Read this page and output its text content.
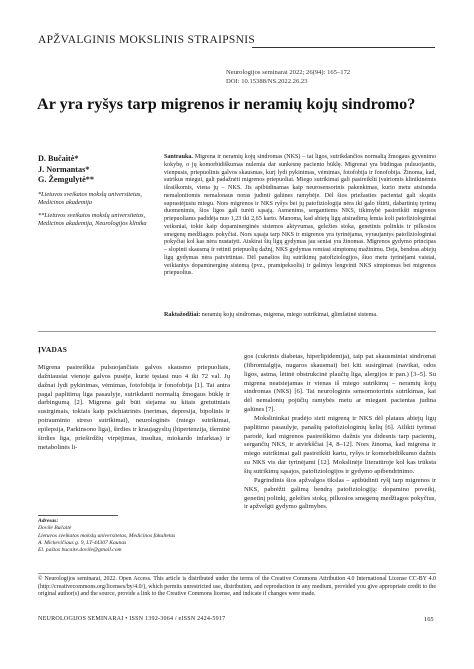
APŽVALGINIS MOKSLINIS STRAIPSNIS
Neurologijos seminarai 2022; 26(94): 165–172
DOI: 10.15388/NS.2022.26.23
Ar yra ryšys tarp migrenos ir neramių kojų sindromo?
D. Bučaitė*
J. Normantas*
G. Žemgulytė**
*Lietuvos sveikatos mokslų universitetas, Medicinos akademija
**Lietuvos sveikatos mokslų universitetas, Medicinos akademija, Neurologijos klinika
Santrauka. Migrena ir neramių kojų sindromas (NKS) – tai ligos, sutrikdančios normalią žmogaus gyvenimo kokybę, o jų komorbidiškumas nulemia dar sunkesnę paciento būklę. Migrenai yra būdingas pulsuojantis, vienpusis, priepuolinis galvos skausmas, kurį lydi pykinimas, vėmimas, fotofobija ir fonofobija. Žinoma, kad, sutrikus miegui, gali padažnėti migrenos priepuoliai. Miego sutrikimai gali pasireikšti įvairiomis klinikinėmis išraiškomis, viena jų – NKS. Jis apibūdinamas kaip neurosensorinis pakenkimas, kurio metu atsiranda nemaloniiomis nemalonaus noras judinti galūnes ramybėje. Dėl šios priežasties pacientai gali skųstis suprastėjusiu miegu. Nors migrenos ir NKS ryšys bei jų patofiziologija nėra iki galo ištirti, dabartinių tyrimų duomenimis, šios ligos gali turėti sąsają. Asmenims, sergantiems NKS, tikimybė pasireikšti migrenos priepuoliams padidėja nuo 1,23 iki 2,65 karto. Manoma, kad abiejų ligų atsiradimą lemia koli patofiziologiniai veiksniai, tokie kaip dopaminerginės sistemos aktyvumas, geležies stoka, genetinis polinkis ir pilkosios smegenų medžiagos pokyčiai. Nors sąsaja tarp NKS ir migrenos yra tyrinėjama, vyraujantys patofiziologiniai pokyčiai kol kas nėra nustatyti. Atskirai šių ligų gydymas jau seniai yra žinomas. Migrenos gydymo principas – slopinti skausmą ir retinti priepuolių dažnį, NKS gydymas remiasi simptomų mažinimu. Deja, bendras abiejų ligų gydymas nėra patvirtintas. Dėl panašios šių sutrikimų patofiziologijos, šiuo metu tyrinėjami vaistai, veikiantys dopaminerginę sistemą (pvz., pramipeksolis) ir galintys lengvinti NKS simptomus bei migrenos priepuolius.
Raktažodžiai: neramių kojų sindromas, migrena, miego sutrikimai, glimfatinė sistema.
ĮVADAS

Migrena pasireiškia pulsuojančiais galvos skausmo priepuoliais, dažniausiai vienoje galvos pusėje, kurie tęsiasi nuo 4 iki 72 val. Jų dažnai lydi pykinimas, vėmimas, fotofobija ir fonofobija [1]. Tai antra pagal paplitimą liga pasaulyje, sutrikdanti normalią žmogaus būklę ir darbingumą [2]. Migrena gali būti siejama su kitais gretutiniais susirgimais, tokiais kaip psichiatrinės (nerimas, depresija, bipolinis ir potrauminio streso sutrikimai), neurologinės (miego sutrikimai, epilepsija, Parkinsono liga), širdies ir kraujagyslių (hipertenzija, išeminė širdies liga, prieširdžių virpėjimas, insultas, miokardo infarktas) ir metabolinės li-

gos (cukrinis diabetas, hiperlipidemija), taip pat skausminiai sindromai (fibromialgija, nugaros skausmai) bei kiti susirgimai (navikai, odos ligos, astma, lėtinė obstrukcinė plaučių liga, alergijos ir pan.) [3–5]. Su migrena neatsiejamas ir vienas iš miego sutrikimų – neramių kojų sindromas (NKS) [6]. Tai neurologinis sensomotorinis sutrikimas, kai dėl nemalonių pojūčių ramybės metu ar miegant pacientas judina galūnes [7].

Mokslininkai pradėjo sieti migreną ir NKS dėl plataus abiejų ligų paplitimo pasaulyje, panašių patofiziologinių kelių [6]. Atlikti tyrimai parodė, kad migrenos pasireiškimo dažnis yra didesnis tarp pacientų, sergančių NKS, ir atvirkščiai [4, 8–12]. Nors žinoma, kad migrena ir miego sutrikimai gali pasireikšti kartu, ryšys ir komorbidiškumo dažnis su NKS vis dar tyrinėjami [12]. Mokslinėje literatūroje kol kas trūksta šių sutrikimų sąsajos, patofiziologijos ir gydymo apibendrinimo.

Pagrindinis šios apžvalgos tikslas – apibūdinti ryšį tarp migrenos ir NKS, pabrėžti galimą bendrą patofiziologiją: dopamino poveikį, genetinį polinkį, geležies stoką, pilkosios smegenų medžiagos pokyčius, ir apžvelgti gydymo galimybes.

Adresas:
Dovilė Bučaitė
Lietuvos sveikatos mokslų universitetas, Medicinos fakultetas
A. Mickevičiaus g. 9, LT-44307 Kaunas
El. paštas bucaite.dovile@gmail.com
© Neurologijos seminarai, 2022. Open Access. This article is distributed under the terms of the Creative Commons Attribution 4.0 International License CC-BY 4.0 (http://creativecommons.org/licenses/by/4.0/), which permits unrestricted use, distribution, and reproduction in any medium, provided you give appropriate credit to the original author(s) and the source, provide a link to the Creative Commons license, and indicate if changes were made.
NEUROLOGIJOS SEMINARAI • ISSN 1392-3064 / eISSN 2424-5917	165
